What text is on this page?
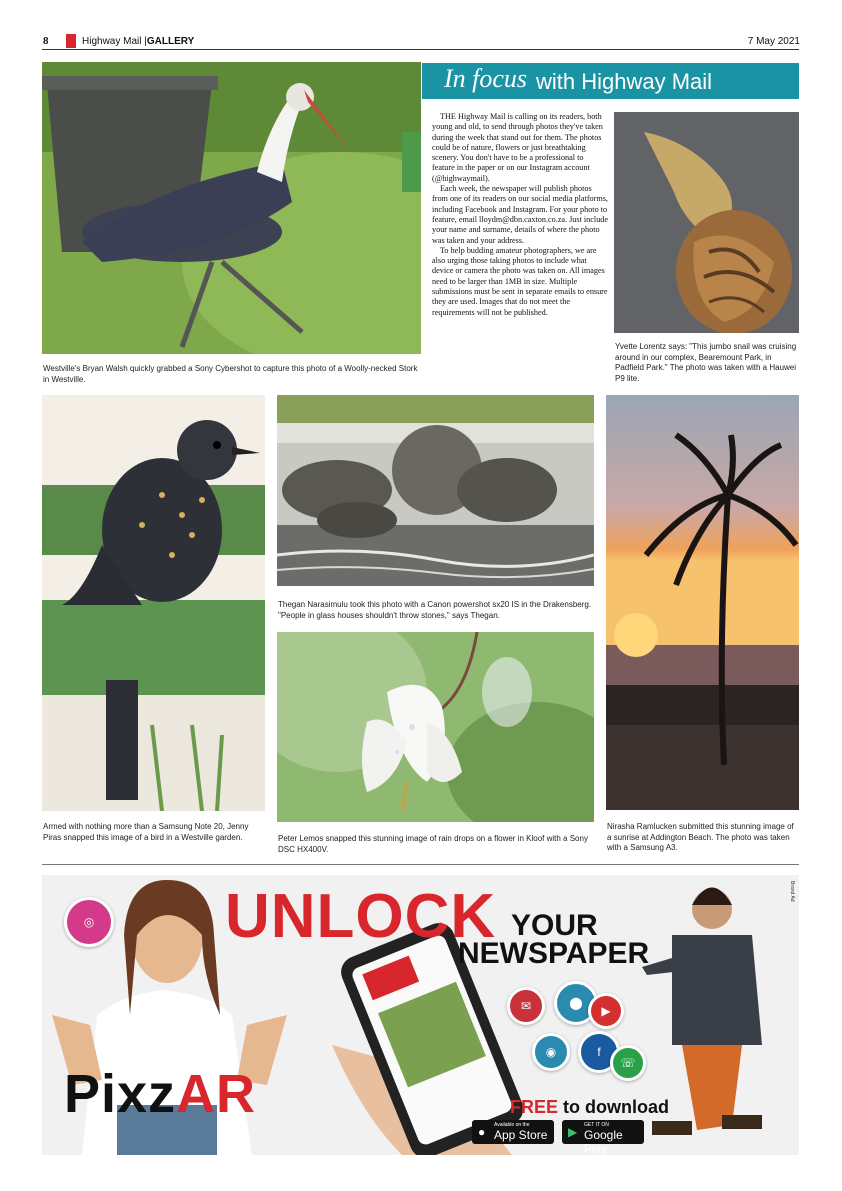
8	Highway Mail |GALLERY	7 May 2021
Westville's Bryan Walsh quickly grabbed a Sony Cybershot to capture this photo of a Woolly-necked Stork in Westville.
In focus with Highway Mail

THE Highway Mail is calling on its readers, both young and old, to send through photos they've taken during the week that stand out for them. The photos could be of nature, flowers or just breathtaking scenery. You don't have to be a professional to feature in the paper or on our Instagram account (@highwaymail).

Each week, the newspaper will publish photos from one of its readers on our social media platforms, including Facebook and Instagram. For your photo to feature, email lloydm@dbn.caxton.co.za. Just include your name and surname, details of where the photo was taken and your address.

To help budding amateur photographers, we are also urging those taking photos to include what device or camera the photo was taken on. All images need to be larger than 1MB in size. Multiple submissions must be sent in separate emails to ensure they are used. Images that do not meet the requirements will not be published.

Yvette Lorentz says: "This jumbo snail was cruising around in our complex, Bearemount Park, in Padfield Park." The photo was taken with a Hauwei P9 lite.
Armed with nothing more than a Samsung Note 20, Jenny Piras snapped this image of a bird in a Westville garden.
Thegan Narasimulu took this photo with a Canon powershot sx20 IS in the Drakensberg. "People in glass houses shouldn't throw stones," says Thegan.
Peter Lemos snapped this stunning image of rain drops on a flower in Kloof with a Sony DSC HX400V.
Nirasha Ramlucken submitted this stunning image of a sunrise at Addington Beach. The photo was taken with a Samsung A3.
◎
✉	⬤
▶
◉	f
☏
UNLOCK YOUR
NEWSPAPER
PixzAR	FREE to download
● Available on the
App Store ▶ GET IT ON
Google Play
Brand Ad
